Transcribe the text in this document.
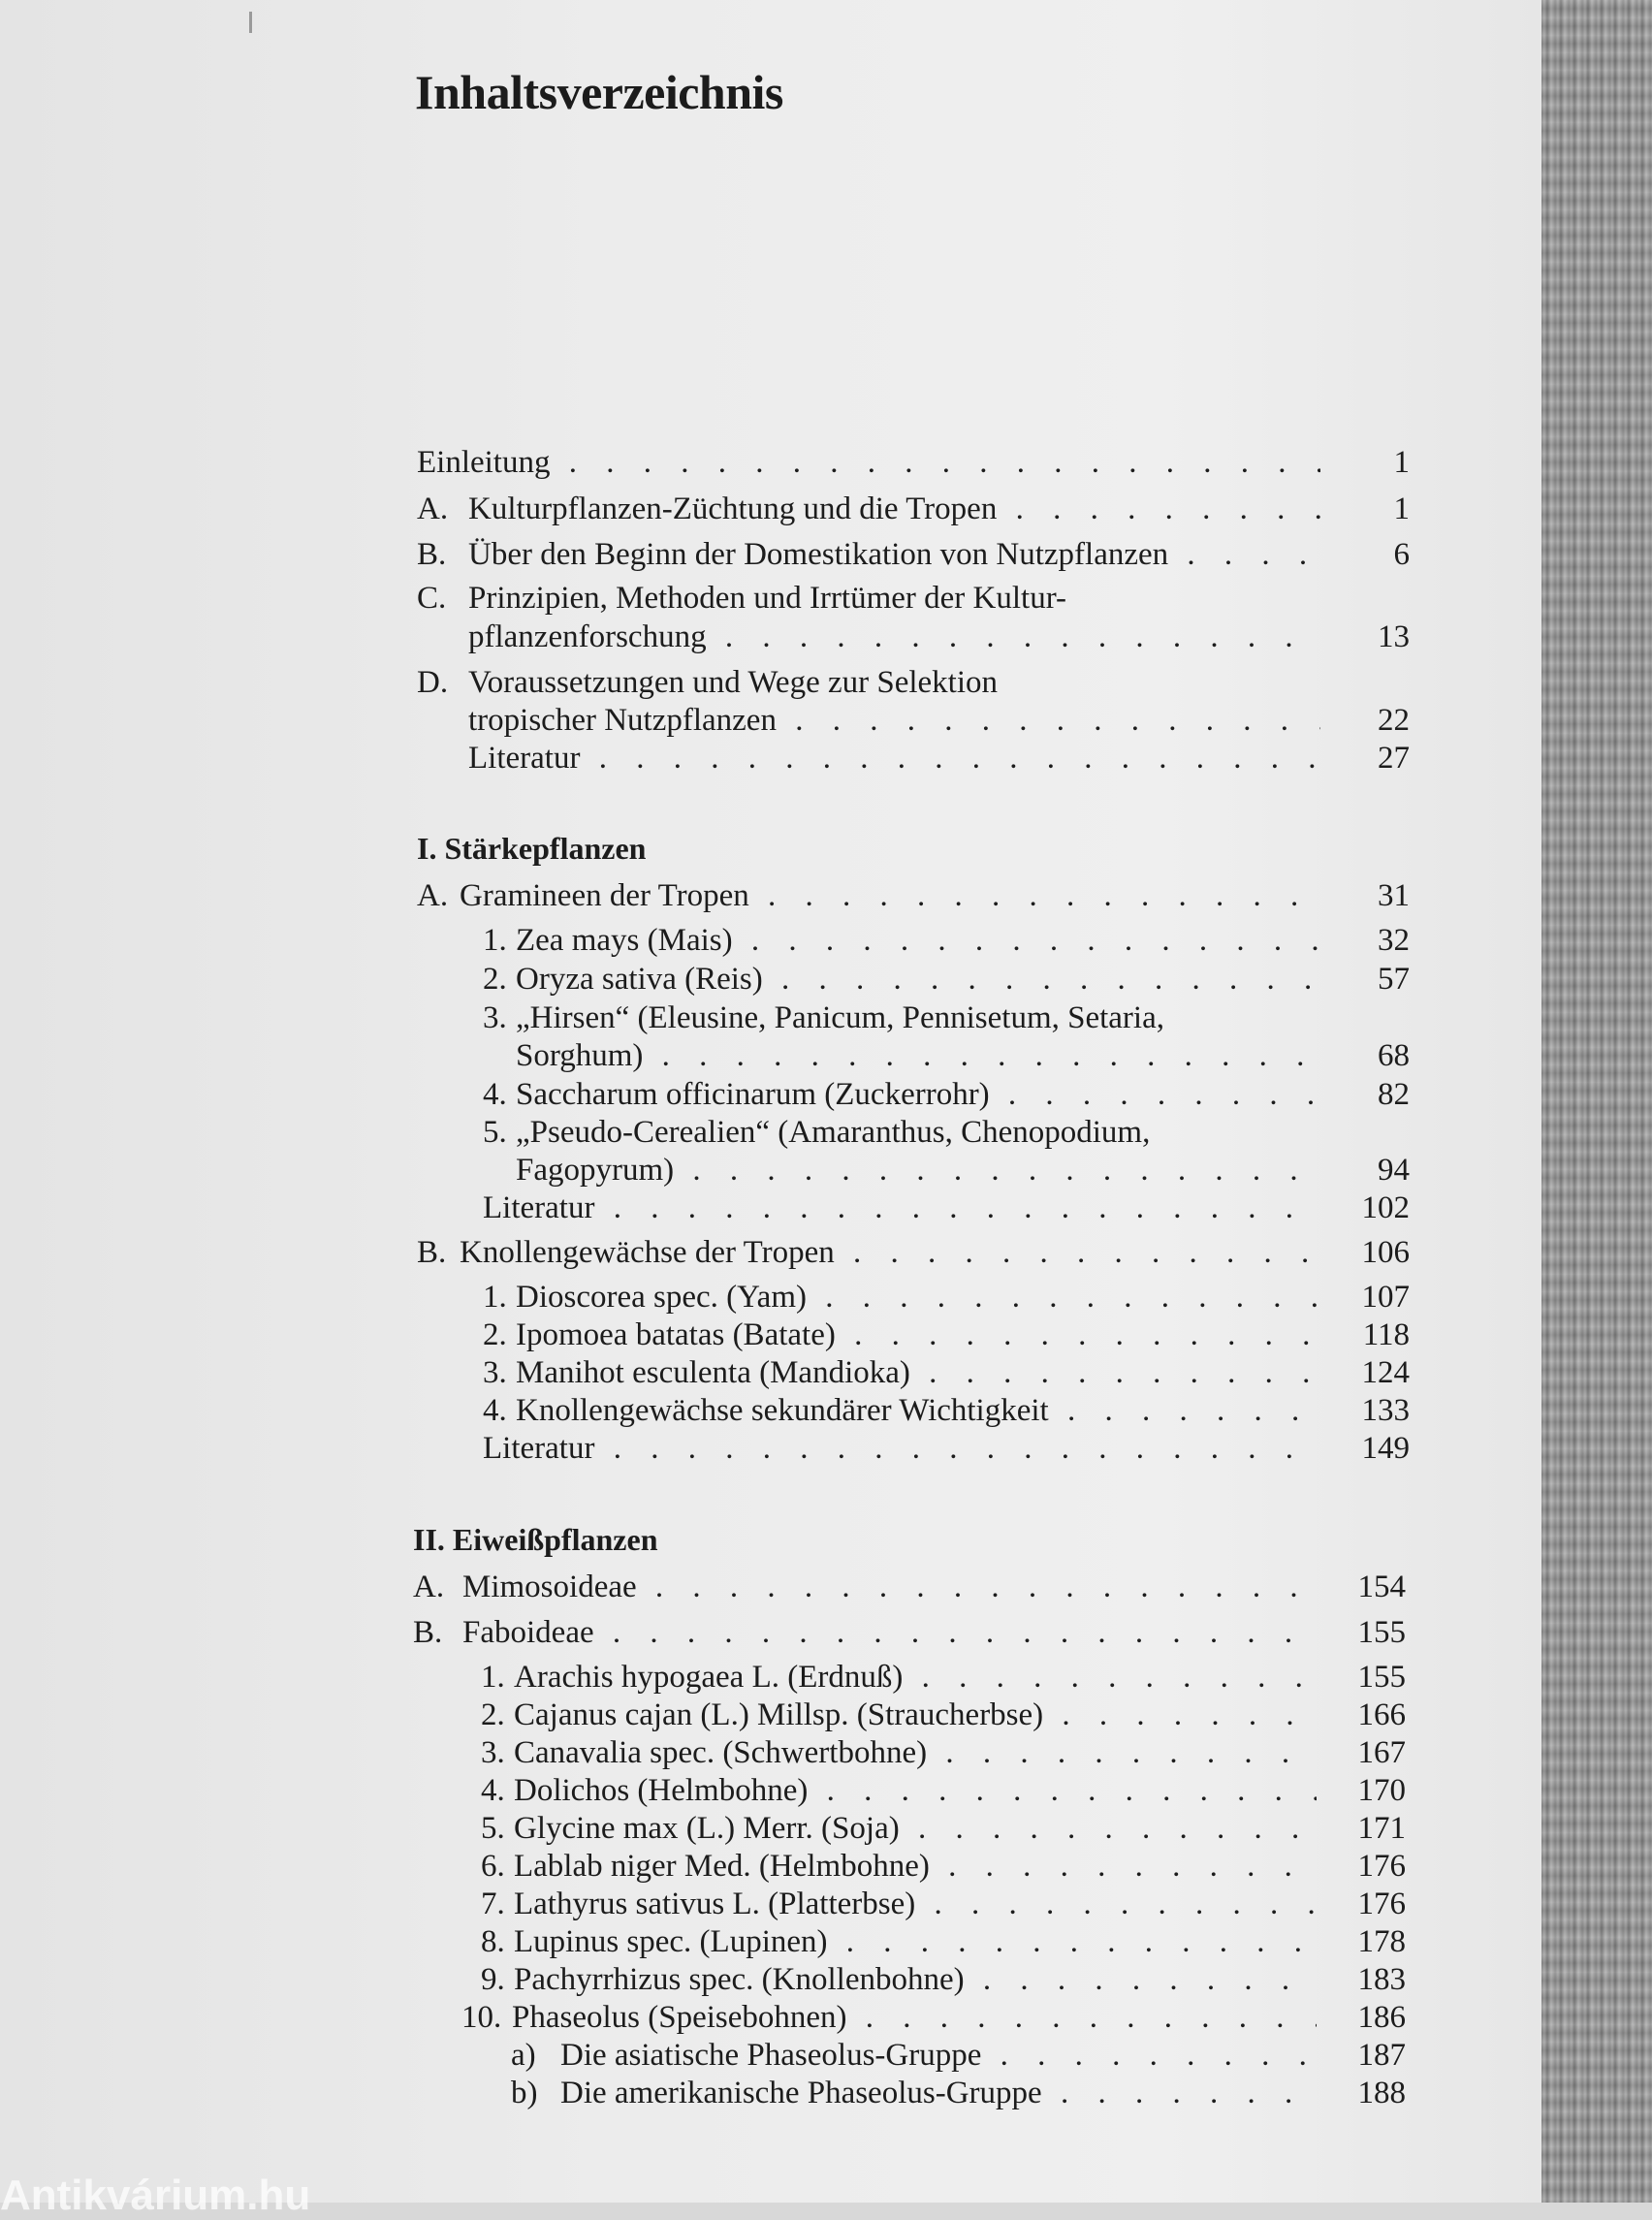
Inhaltsverzeichnis
Einleitung . . .	1
A. Kulturpflanzen-Züchtung und die Tropen . . .	1
B. Über den Beginn der Domestikation von Nutzpflanzen . . .	6
C. Prinzipien, Methoden und Irrtümer der Kultur-
pflanzenforschung . . .	13
D. Voraussetzungen und Wege zur Selektion
tropischer Nutzpflanzen . . .	22
Literatur . . .	27
I. Stärkepflanzen
A. Gramineen der Tropen . . .	31
1. Zea mays (Mais) . . .	32
2. Oryza sativa (Reis) . . .	57
3. „Hirsen“ (Eleusine, Panicum, Pennisetum, Setaria,
Sorghum) . . .	68
4. Saccharum officinarum (Zuckerrohr) . . .	82
5. „Pseudo-Cerealien“ (Amaranthus, Chenopodium,
Fagopyrum) . . .	94
Literatur . . .	102
B. Knollengewächse der Tropen . . .	106
1. Dioscorea spec. (Yam) . . .	107
2. Ipomoea batatas (Batate) . . .	118
3. Manihot esculenta (Mandioka) . . .	124
4. Knollengewächse sekundärer Wichtigkeit . . .	133
Literatur . . .	149
II. Eiweißpflanzen
A. Mimosoideae . . .	154
B. Faboideae . . .	155
1. Arachis hypogaea L. (Erdnuß) . . .	155
2. Cajanus cajan (L.) Millsp. (Straucherbse) . . .	166
3. Canavalia spec. (Schwertbohne) . . .	167
4. Dolichos (Helmbohne) . . .	170
5. Glycine max (L.) Merr. (Soja) . . .	171
6. Lablab niger Med. (Helmbohne) . . .	176
7. Lathyrus sativus L. (Platterbse) . . .	176
8. Lupinus spec. (Lupinen) . . .	178
9. Pachyrrhizus spec. (Knollenbohne) . . .	183
10. Phaseolus (Speisebohnen) . . .	186
a) Die asiatische Phaseolus-Gruppe . . .	187
b) Die amerikanische Phaseolus-Gruppe . . .	188
Antikvárium.hu
